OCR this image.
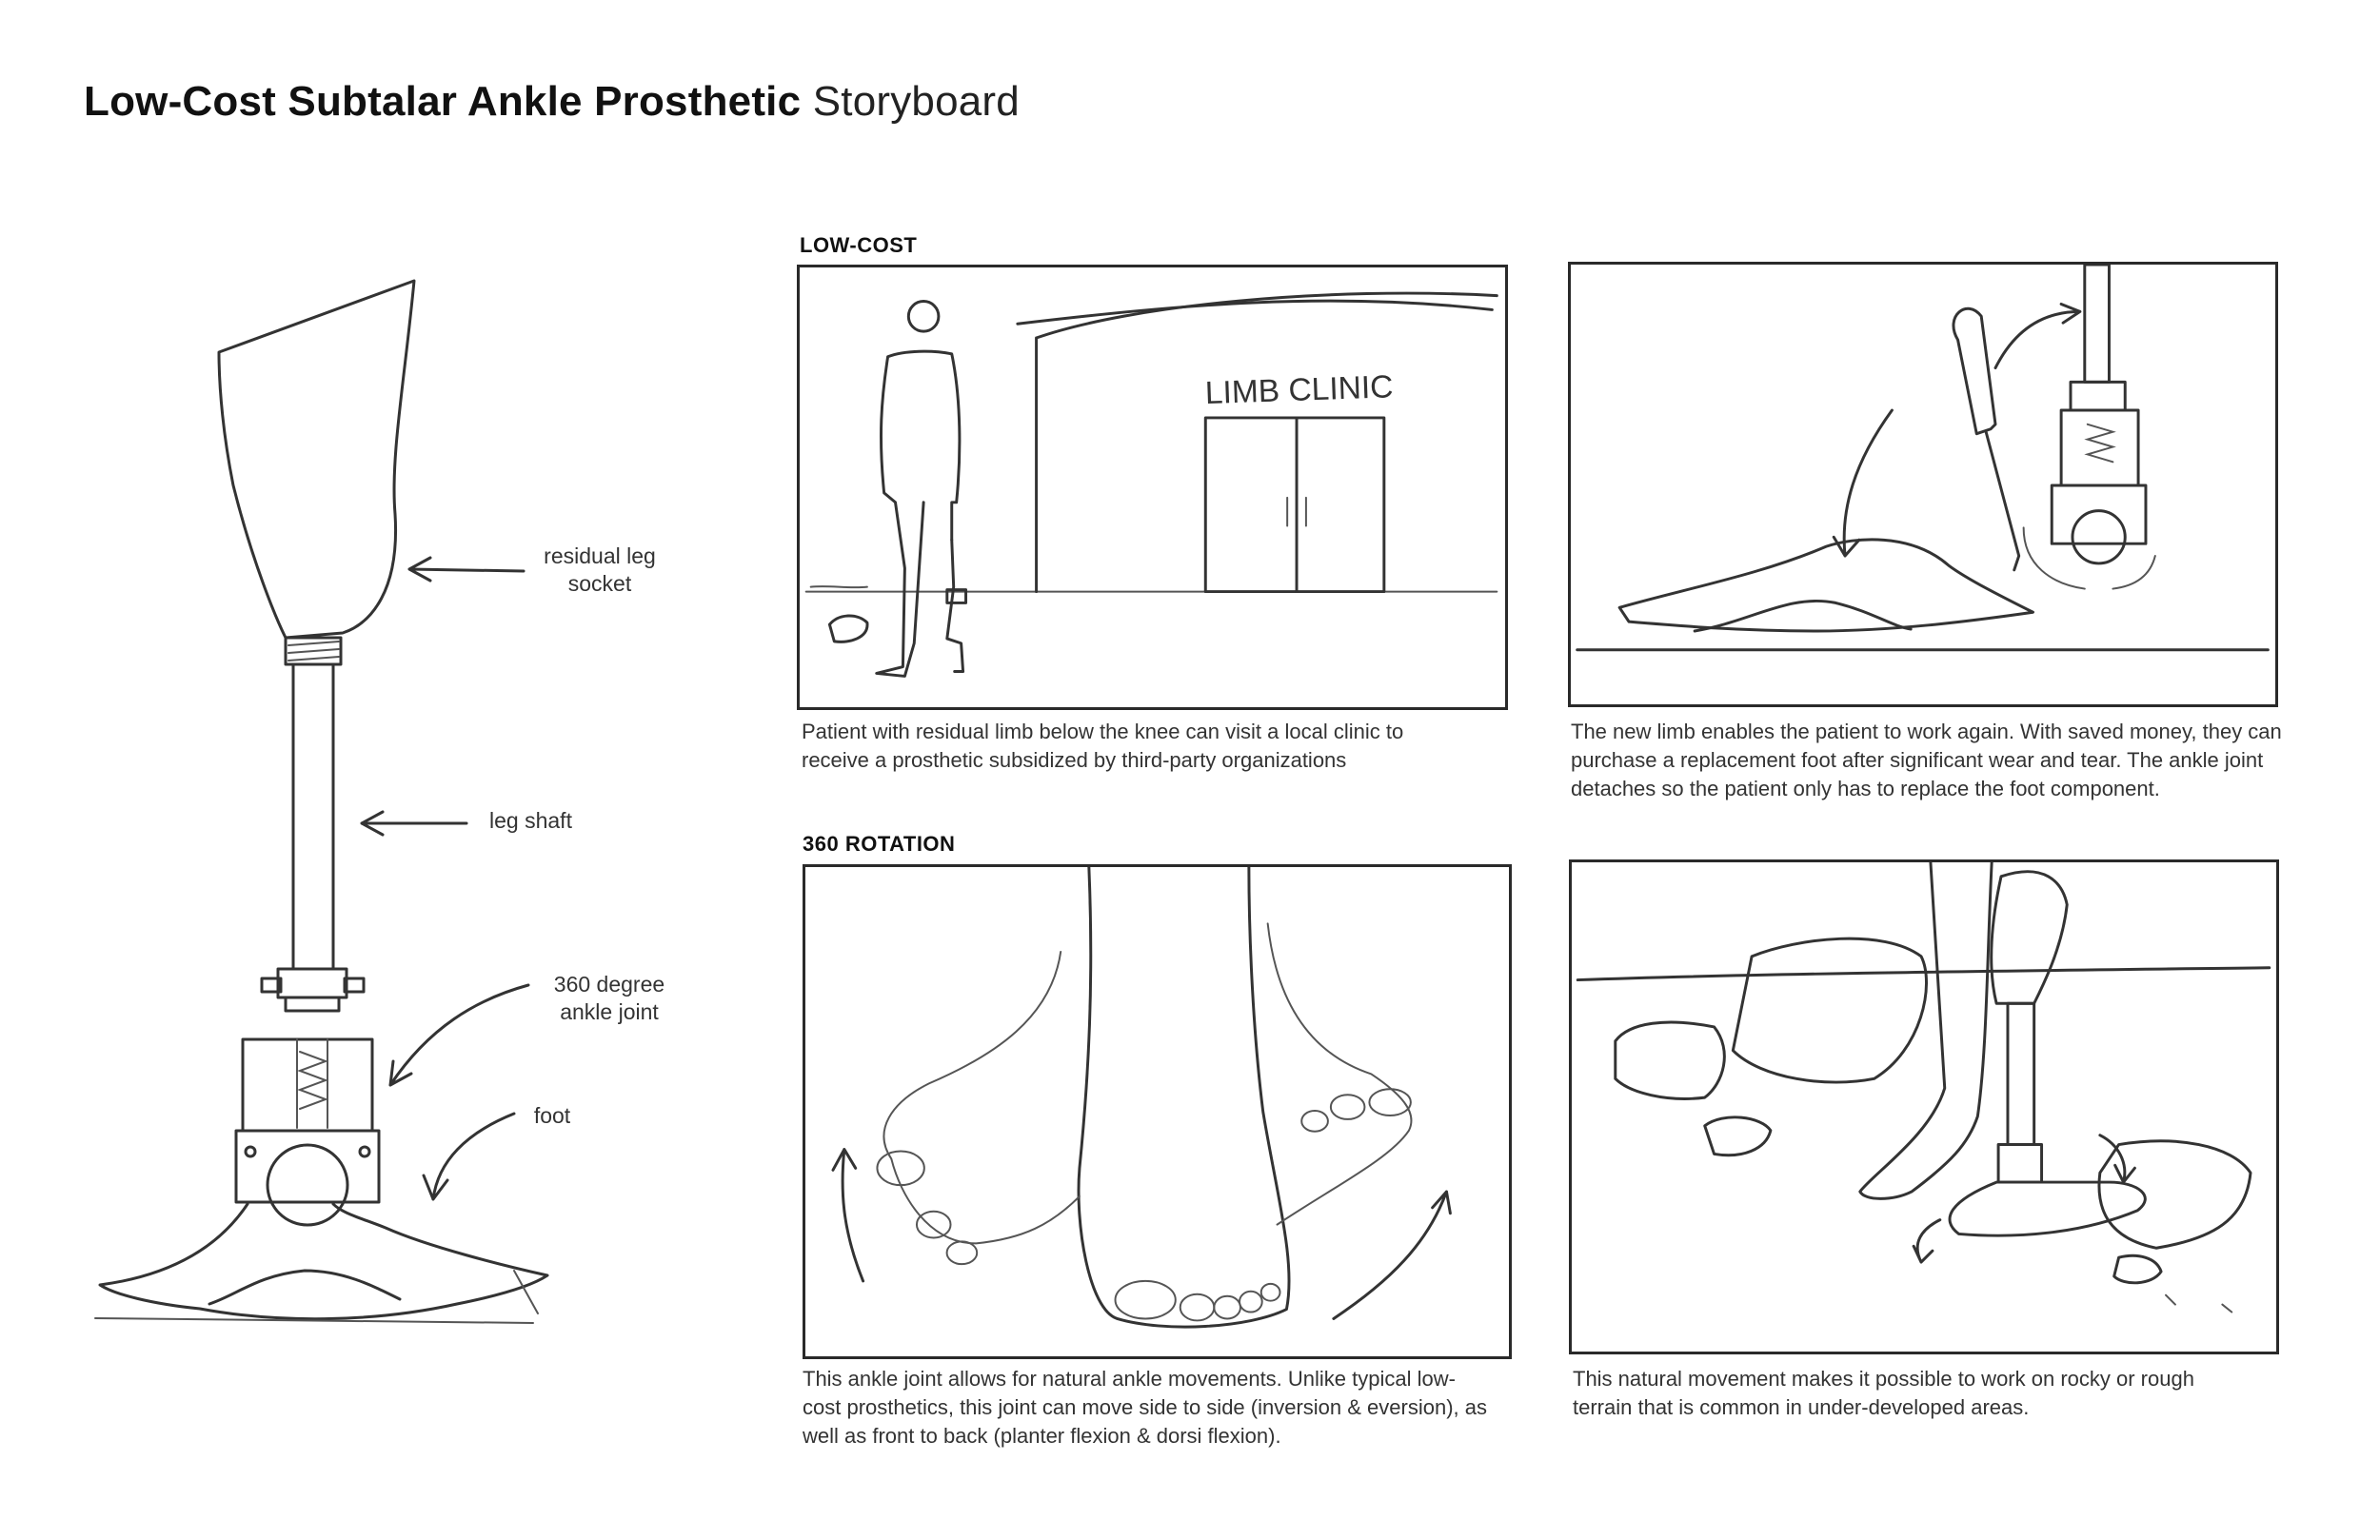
Low-Cost Subtalar Ankle Prosthetic Storyboard
residual leg socket
leg shaft
360 degree ankle joint
foot
LOW-COST
360 ROTATION
LIMB CLINIC
Patient with residual limb below the knee can visit a local clinic to receive a prosthetic subsidized by third-party organizations
The new limb enables the patient to work again. With saved money, they can purchase a replacement foot after significant wear and tear. The ankle joint detaches so the patient only has to replace the foot component.
This ankle joint allows for natural ankle movements. Unlike typical low-cost prosthetics, this joint can move side to side (inversion & eversion), as well as front to back (planter flexion & dorsi flexion).
This natural movement makes it possible to work on rocky or rough terrain that is common in under-developed areas.
